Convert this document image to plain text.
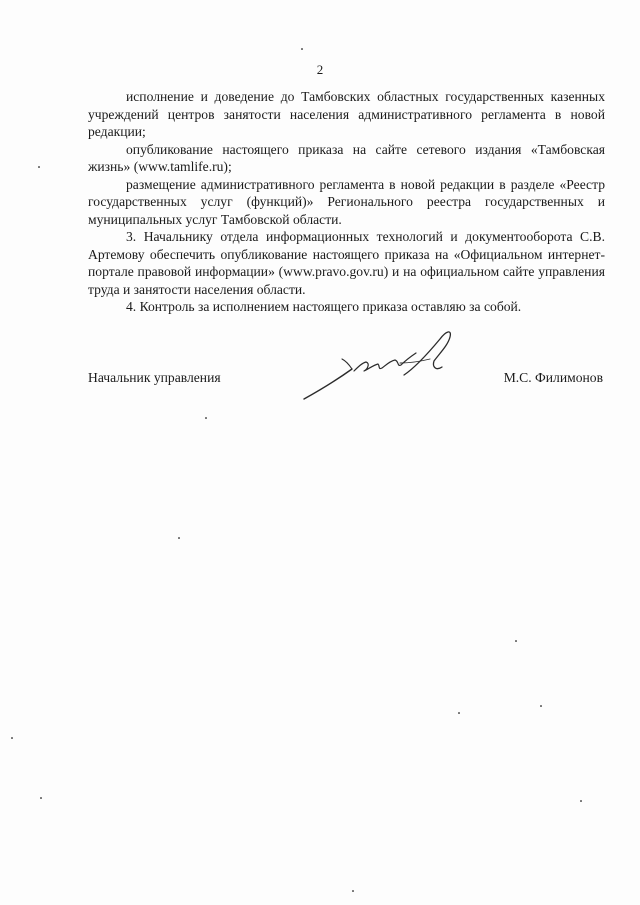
2

исполнение и доведение до Тамбовских областных государственных казенных учреждений центров занятости населения административного регламента в новой редакции;

опубликование настоящего приказа на сайте сетевого издания «Тамбовская жизнь» (www.tamlife.ru);

размещение административного регламента в новой редакции в разделе «Реестр государственных услуг (функций)» Регионального реестра государственных и муниципальных услуг Тамбовской области.

3. Начальнику отдела информационных технологий и документооборота С.В. Артемову обеспечить опубликование настоящего приказа на «Официальном интернет-портале правовой информации» (www.pravo.gov.ru) и на официальном сайте управления труда и занятости населения области.

4. Контроль за исполнением настоящего приказа оставляю за собой.

Начальник управления	М.С. Филимонов
